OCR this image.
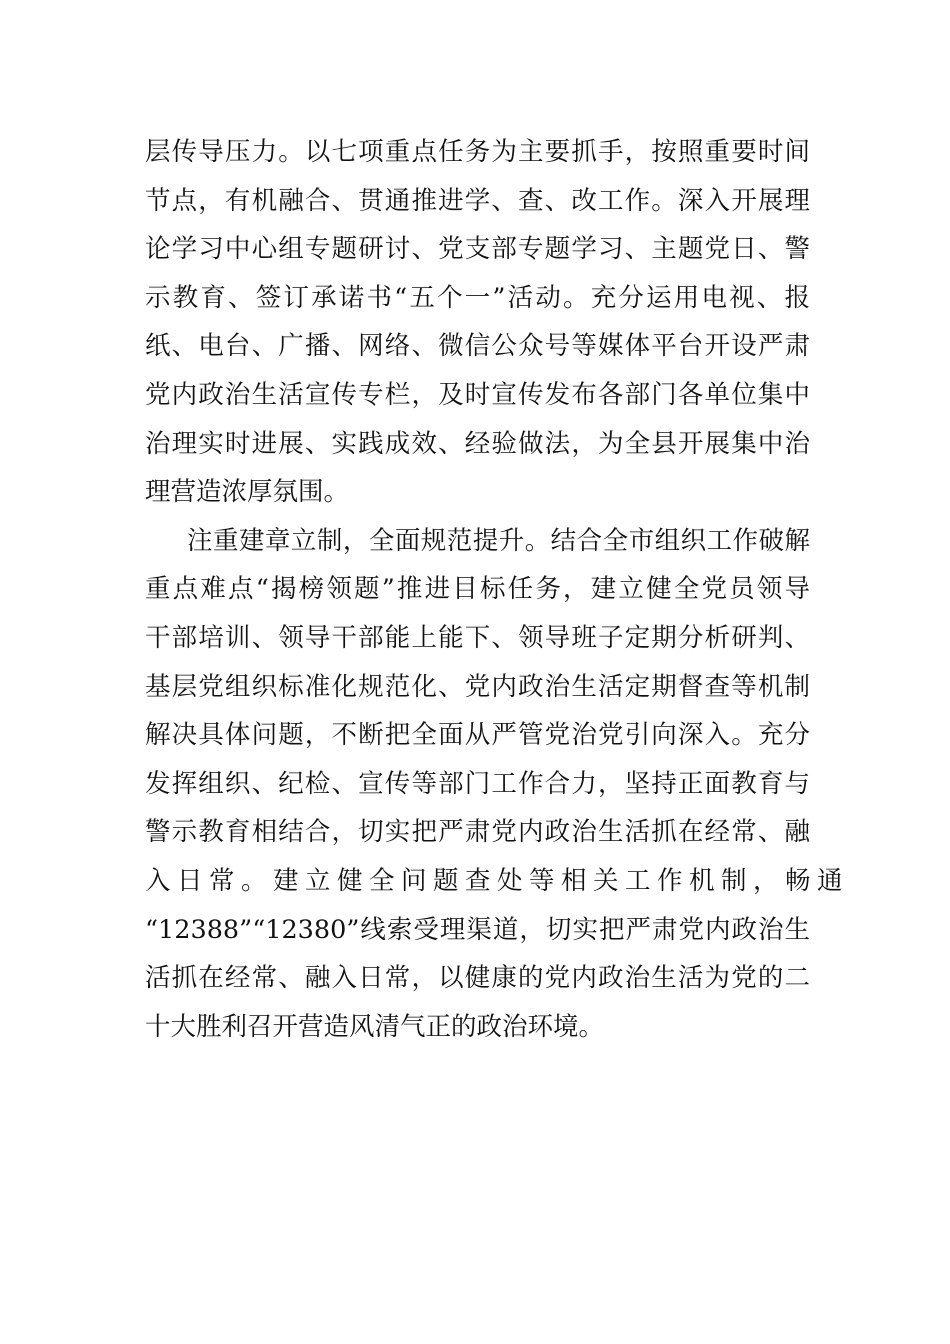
层传导压力。以七项重点任务为主要抓手，按照重要时间
节点，有机融合、贯通推进学、查、改工作。深入开展理
论学习中心组专题研讨、党支部专题学习、主题党日、警
示教育、签订承诺书“五个一”活动。充分运用电视、报
纸、电台、广播、网络、微信公众号等媒体平台开设严肃
党内政治生活宣传专栏，及时宣传发布各部门各单位集中
治理实时进展、实践成效、经验做法，为全县开展集中治
理营造浓厚氛围。
注重建章立制，全面规范提升。结合全市组织工作破解
重点难点“揭榜领题”推进目标任务，建立健全党员领导
干部培训、领导干部能上能下、领导班子定期分析研判、
基层党组织标准化规范化、党内政治生活定期督查等机制
解决具体问题，不断把全面从严管党治党引向深入。充分
发挥组织、纪检、宣传等部门工作合力，坚持正面教育与
警示教育相结合，切实把严肃党内政治生活抓在经常、融
入日常。建立健全问题查处等相关工作机制，畅通
“12388”“12380”线索受理渠道，切实把严肃党内政治生
活抓在经常、融入日常，以健康的党内政治生活为党的二
十大胜利召开营造风清气正的政治环境。
